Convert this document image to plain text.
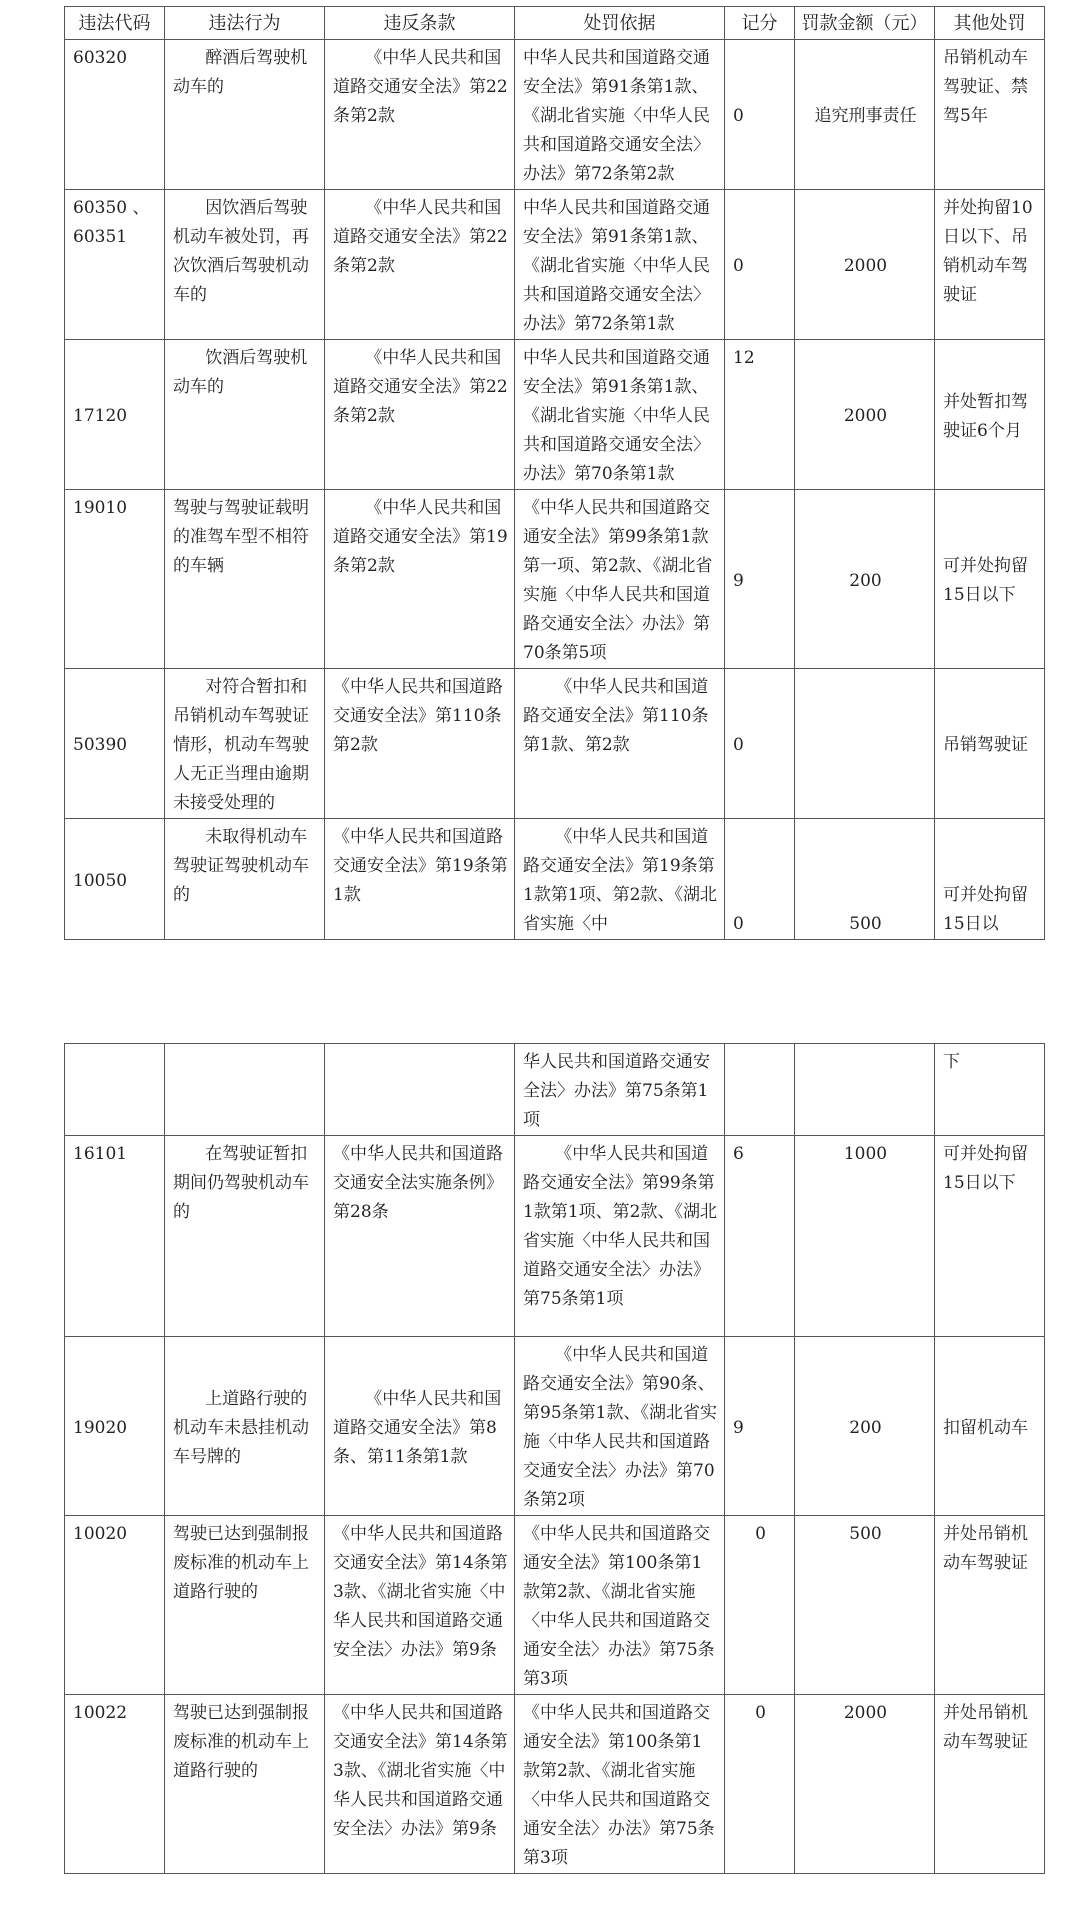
违法代码	违法行为	违反条款	处罚依据	记分	罚款金额（元）	其他处罚
60320	醉酒后驾驶机动车的	《中华人民共和国道路交通安全法》第22条第2款	中华人民共和国道路交通安全法》第91条第1款、《湖北省实施〈中华人民共和国道路交通安全法〉办法》第72条第2款	0	追究刑事责任	吊销机动车驾驶证、禁驾5年
60350 、60351	因饮酒后驾驶机动车被处罚，再次饮酒后驾驶机动车的	《中华人民共和国道路交通安全法》第22条第2款	中华人民共和国道路交通安全法》第91条第1款、《湖北省实施〈中华人民共和国道路交通安全法〉办法》第72条第1款	0	2000	并处拘留10日以下、吊销机动车驾驶证
17120	饮酒后驾驶机动车的	《中华人民共和国道路交通安全法》第22条第2款	中华人民共和国道路交通安全法》第91条第1款、《湖北省实施〈中华人民共和国道路交通安全法〉办法》第70条第1款	12	2000	并处暂扣驾驶证6个月
19010	驾驶与驾驶证载明的准驾车型不相符的车辆	《中华人民共和国道路交通安全法》第19条第2款	《中华人民共和国道路交通安全法》第99条第1款第一项、第2款、《湖北省实施〈中华人民共和国道路交通安全法〉办法》第70条第5项	9	200	可并处拘留15日以下
50390	对符合暂扣和吊销机动车驾驶证情形，机动车驾驶人无正当理由逾期未接受处理的	《中华人民共和国道路交通安全法》第110条第2款	《中华人民共和国道路交通安全法》第110条第1款、第2款	0		吊销驾驶证
10050	未取得机动车驾驶证驾驶机动车的	《中华人民共和国道路交通安全法》第19条第1款	《中华人民共和国道路交通安全法》第19条第1款第1项、第2款、《湖北省实施〈中	0	500	可并处拘留15日以
			华人民共和国道路交通安全法〉办法》第75条第1项			下
16101	在驾驶证暂扣期间仍驾驶机动车的	《中华人民共和国道路交通安全法实施条例》第28条	《中华人民共和国道路交通安全法》第99条第1款第1项、第2款、《湖北省实施〈中华人民共和国道路交通安全法〉办法》第75条第1项	6	1000	可并处拘留15日以下
19020	上道路行驶的机动车未悬挂机动车号牌的	《中华人民共和国道路交通安全法》第8条、第11条第1款	《中华人民共和国道路交通安全法》第90条、第95条第1款、《湖北省实施〈中华人民共和国道路交通安全法〉办法》第70条第2项	9	200	扣留机动车
10020	驾驶已达到强制报废标准的机动车上道路行驶的	《中华人民共和国道路交通安全法》第14条第3款、《湖北省实施〈中华人民共和国道路交通安全法〉办法》第9条	《中华人民共和国道路交通安全法》第100条第1款第2款、《湖北省实施〈中华人民共和国道路交通安全法〉办法》第75条第3项	0	500	并处吊销机动车驾驶证
10022	驾驶已达到强制报废标准的机动车上道路行驶的	《中华人民共和国道路交通安全法》第14条第3款、《湖北省实施〈中华人民共和国道路交通安全法〉办法》第9条	《中华人民共和国道路交通安全法》第100条第1款第2款、《湖北省实施〈中华人民共和国道路交通安全法〉办法》第75条第3项	0	2000	并处吊销机动车驾驶证
